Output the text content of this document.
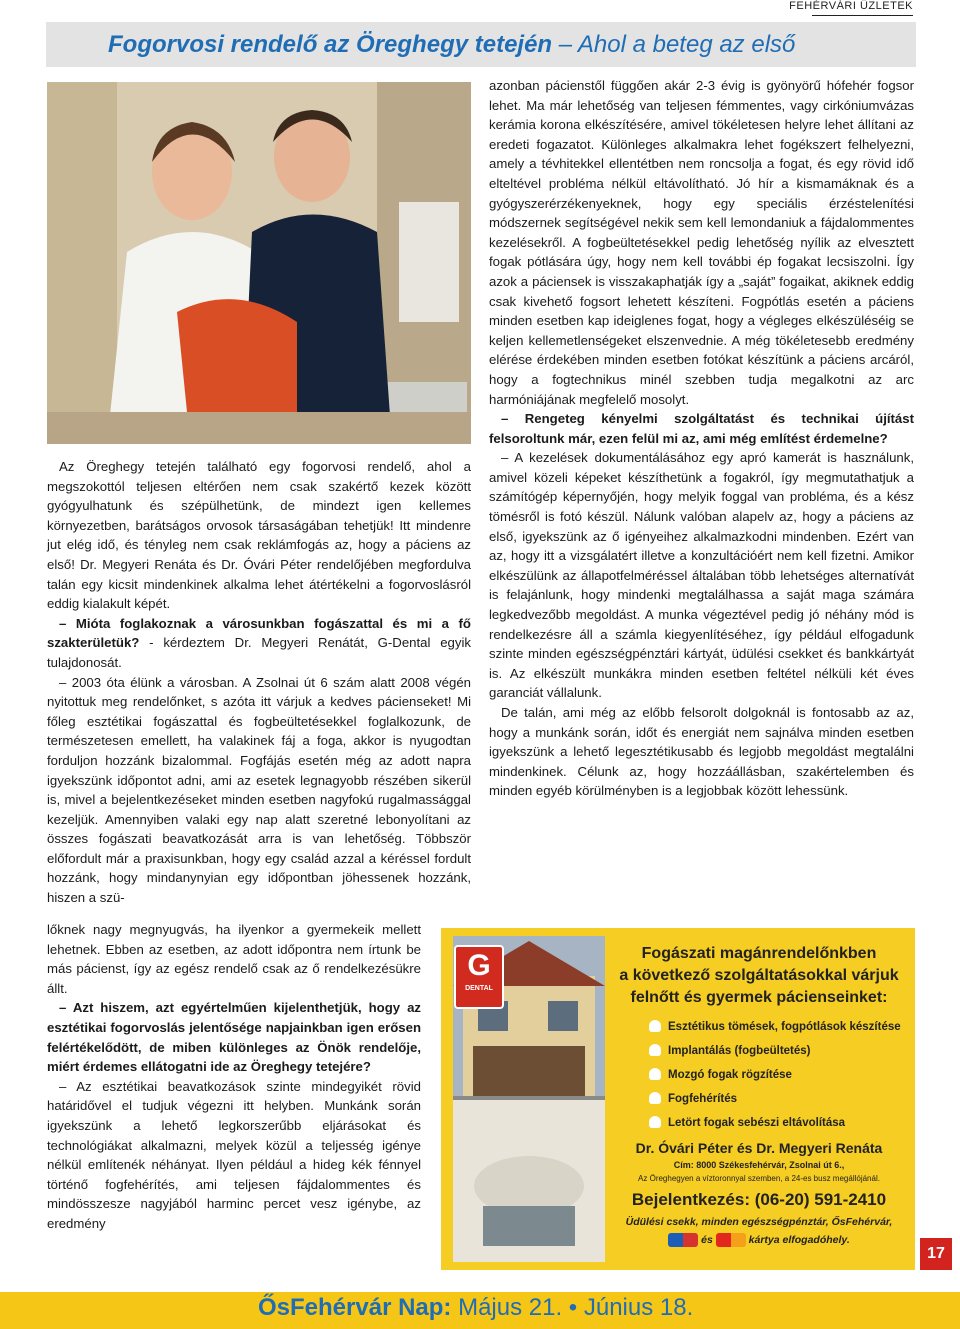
FEHÉRVÁRI ÜZLETEK
Fogorvosi rendelő az Öreghegy tetején – Ahol a beteg az első

Az Öreghegy tetején található egy fogorvosi rendelő, ahol a megszokottól teljesen eltérően nem csak szakértő kezek között gyógyulhatunk és szépülhetünk, de mindezt igen kellemes környezetben, barátságos orvosok társaságában tehetjük! Itt mindenre jut elég idő, és tényleg nem csak reklámfogás az, hogy a páciens az első! Dr. Megyeri Renáta és Dr. Óvári Péter rendelőjében megfordulva talán egy kicsit mindenkinek alkalma lehet átértékelni a fogorvoslásról eddig kialakult képét.

– Mióta foglakoznak a városunkban fogászattal és mi a fő szakterületük? - kérdeztem Dr. Megyeri Renátát, G-Dental egyik tulajdonosát.

– 2003 óta élünk a városban. A Zsolnai út 6 szám alatt 2008 végén nyitottuk meg rendelőnket, s azóta itt várjuk a kedves pácienseket! Mi főleg esztétikai fogászattal és fogbeültetésekkel foglalkozunk, de természetesen emellett, ha valakinek fáj a foga, akkor is nyugodtan forduljon hozzánk bizalommal. Fogfájás esetén még az adott napra igyekszünk időpontot adni, ami az esetek legnagyobb részében sikerül is, mivel a bejelentkezéseket minden esetben nagyfokú rugalmassággal kezeljük. Amennyiben valaki egy nap alatt szeretné lebonyolítani az összes fogászati beavatkozását arra is van lehetőség. Többször előfordult már a praxisunkban, hogy egy család azzal a kéréssel fordult hozzánk, hogy mindanynyian egy időpontban jöhessenek hozzánk, hiszen a szü-

lőknek nagy megnyugvás, ha ilyenkor a gyermekeik mellett lehetnek. Ebben az esetben, az adott időpontra nem írtunk be más pácienst, így az egész rendelő csak az ő rendelkezésükre állt.

– Azt hiszem, azt egyértelműen kijelenthetjük, hogy az esztétikai fogorvoslás jelentősége napjainkban igen erősen felértékelődött, de miben különleges az Önök rendelője, miért érdemes ellátogatni ide az Öreghegy tetejére?

– Az esztétikai beavatkozások szinte mindegyikét rövid határidővel el tudjuk végezni itt helyben. Munkánk során igyekszünk a lehető legkorszerűbb eljárásokat és technológiákat alkalmazni, melyek közül a teljesség igénye nélkül említenék néhányat. Ilyen például a hideg kék fénnyel történő fogfehérítés, ami teljesen fájdalommentes és mindösszesze nagyjából harminc percet vesz igénybe, az eredmény

azonban pácienstől függően akár 2-3 évig is gyönyörű hófehér fogsor lehet. Ma már lehetőség van teljesen fémmentes, vagy cirkóniumvázas kerámia korona elkészítésére, amivel tökéletesen helyre lehet állítani az eredeti fogazatot. Különleges alkalmakra lehet fogékszert felhelyezni, amely a tévhitekkel ellentétben nem roncsolja a fogat, és egy rövid idő elteltével probléma nélkül eltávolítható. Jó hír a kismamáknak és a gyógyszerérzékenyeknek, hogy egy speciális érzéstelenítési módszernek segítségével nekik sem kell lemondaniuk a fájdalommentes kezelésekről. A fogbeültetésekkel pedig lehetőség nyílik az elvesztett fogak pótlására úgy, hogy nem kell további ép fogakat lecsiszolni. Így azok a páciensek is visszakaphatják így a „saját” fogaikat, akiknek eddig csak kivehető fogsort lehetett készíteni. Fogpótlás esetén a páciens minden esetben kap ideiglenes fogat, hogy a végleges elkészüléséig se keljen kellemetlenségeket elszenvednie. A még tökéletesebb eredmény elérése érdekében minden esetben fotókat készítünk a páciens arcáról, hogy a fogtechnikus minél szebben tudja megalkotni az arc harmóniájának megfelelő mosolyt.

– Rengeteg kényelmi szolgáltatást és technikai újítást felsoroltunk már, ezen felül mi az, ami még említést érdemelne?

– A kezelések dokumentálásához egy apró kamerát is használunk, amivel közeli képeket készíthetünk a fogakról, így megmutathatjuk a számítógép képernyőjén, hogy melyik foggal van probléma, és a kész tömésről is fotó készül. Nálunk valóban alapelv az, hogy a páciens az első, igyekszünk az ő igényeihez alkalmazkodni mindenben. Ezért van az, hogy itt a vizsgálatért illetve a konzultációért nem kell fizetni. Amikor elkészülünk az állapotfelméréssel általában több lehetséges alternatívát is felajánlunk, hogy mindenki megtalálhassa a saját maga számára legkedvezőbb megoldást. A munka végeztével pedig jó néhány mód is rendelkezésre áll a számla kiegyenlítéséhez, így például elfogadunk szinte minden egészségpénztári kártyát, üdülési csekket és bankkártyát is. Az elkészült munkákra minden esetben feltétel nélküli két éves garanciát vállalunk.

De talán, ami még az előbb felsorolt dolgoknál is fontosabb az az, hogy a munkánk során, időt és energiát nem sajnálva minden esetben igyekszünk a lehető legesztétikusabb és legjobb megoldást megtalálni mindenkinek. Célunk az, hogy hozzáállásban, szakértelemben és minden egyéb körülményben is a legjobbak között lehessünk.

G
DENTAL
Fogászati magánrendelőnkben
a következő szolgáltatásokkal várjuk
felnőtt és gyermek pácienseinket:
Esztétikus tömések, fogpótlások készítése
Implantálás (fogbeültetés)
Mozgó fogak rögzítése
Fogfehérítés
Letört fogak sebészi eltávolítása
Dr. Óvári Péter és Dr. Megyeri Renáta
Cím: 8000 Székesfehérvár, Zsolnai út 6.,
Az Öreghegyen a víztoronnyal szemben, a 24-es busz megállójánál.
Bejelentkezés: (06-20) 591-2410
Üdülési csekk, minden egészségpénztár, ŐsFehérvár,
és	kártya elfogadóhely.
17
ŐsFehérvár Nap: Május 21. • Június 18.
